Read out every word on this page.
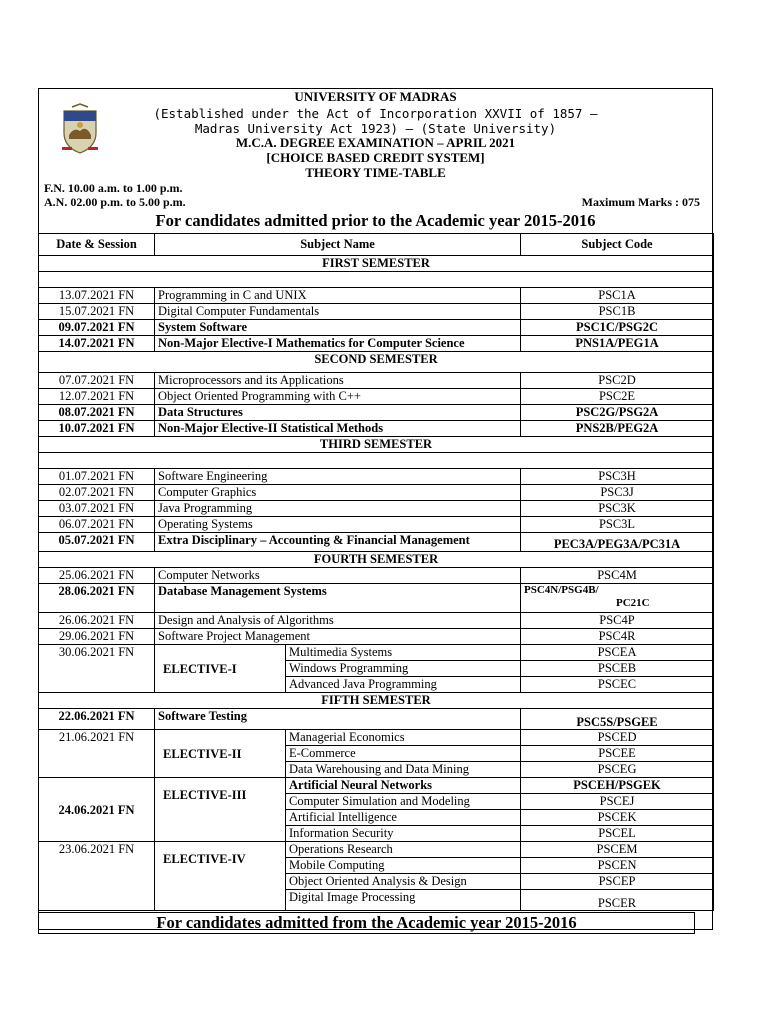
UNIVERSITY OF MADRAS
(Established under the Act of Incorporation XXVII of 1857 –
Madras University Act 1923) – (State University)
M.C.A. DEGREE EXAMINATION – APRIL 2021
[CHOICE BASED CREDIT SYSTEM]
THEORY TIME-TABLE
F.N. 10.00 a.m. to 1.00 p.m.
A.N. 02.00 p.m. to 5.00 p.m.	Maximum Marks : 075
For candidates admitted prior to the Academic year 2015-2016
Date & Session	Subject Name		Subject Code
FIRST SEMESTER			

13.07.2021 FN	Programming in C and UNIX		PSC1A
15.07.2021 FN	Digital Computer Fundamentals		PSC1B
09.07.2021 FN	System Software		PSC1C/PSG2C
14.07.2021 FN	Non-Major Elective-I Mathematics for Computer Science		PNS1A/PEG1A
SECOND SEMESTER			
07.07.2021 FN	Microprocessors and its Applications		PSC2D
12.07.2021 FN	Object Oriented Programming with C++		PSC2E
08.07.2021 FN	Data Structures		PSC2G/PSG2A
10.07.2021 FN	Non-Major Elective-II Statistical Methods		PNS2B/PEG2A
THIRD SEMESTER			

01.07.2021 FN	Software Engineering		PSC3H
02.07.2021 FN	Computer Graphics		PSC3J
03.07.2021 FN	Java Programming		PSC3K
06.07.2021 FN	Operating Systems		PSC3L
05.07.2021 FN	Extra Disciplinary – Accounting & Financial Management		PEC3A/PEG3A/PC31A
FOURTH SEMESTER			
25.06.2021 FN	Computer Networks		PSC4M
28.06.2021 FN	Database Management Systems		PSC4N/PSG4B/
PC21C

26.06.2021 FN	Design and Analysis of Algorithms		PSC4P
29.06.2021 FN	Software Project Management		PSC4R
30.06.2021 FN	ELECTIVE-I	Multimedia Systems	PSCEA
		Windows Programming	PSCEB
		Advanced Java Programming	PSCEC
FIFTH SEMESTER			
22.06.2021 FN	Software Testing		PSC5S/PSGEE
21.06.2021 FN	ELECTIVE-II	Managerial Economics	PSCED
		E-Commerce	PSCEE
		Data Warehousing and Data Mining	PSCEG
24.06.2021 FN	ELECTIVE-III	Artificial Neural Networks	PSCEH/PSGEK
		Computer Simulation and Modeling	PSCEJ
		Artificial Intelligence	PSCEK
		Information Security	PSCEL
23.06.2021 FN	ELECTIVE-IV	Operations Research	PSCEM
		Mobile Computing	PSCEN
		Object Oriented Analysis & Design	PSCEP
		Digital Image Processing	PSCER
For candidates admitted from the Academic year 2015-2016
